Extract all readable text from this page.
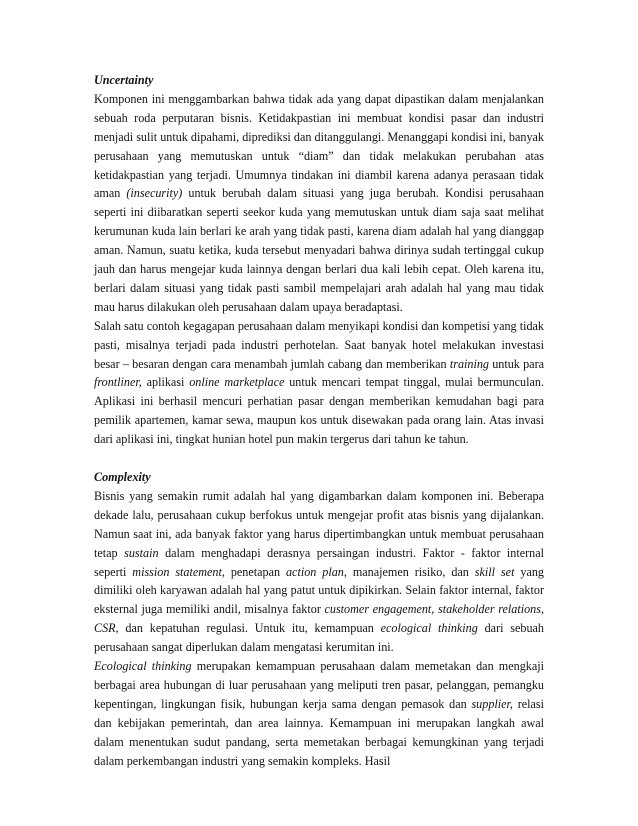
Uncertainty

Komponen ini menggambarkan bahwa tidak ada yang dapat dipastikan dalam menjalankan sebuah roda perputaran bisnis. Ketidakpastian ini membuat kondisi pasar dan industri menjadi sulit untuk dipahami, diprediksi dan ditanggulangi. Menanggapi kondisi ini, banyak perusahaan yang memutuskan untuk “diam” dan tidak melakukan perubahan atas ketidakpastian yang terjadi. Umumnya tindakan ini diambil karena adanya perasaan tidak aman (insecurity) untuk berubah dalam situasi yang juga berubah. Kondisi perusahaan seperti ini diibaratkan seperti seekor kuda yang memutuskan untuk diam saja saat melihat kerumunan kuda lain berlari ke arah yang tidak pasti, karena diam adalah hal yang dianggap aman. Namun, suatu ketika, kuda tersebut menyadari bahwa dirinya sudah tertinggal cukup jauh dan harus mengejar kuda lainnya dengan berlari dua kali lebih cepat. Oleh karena itu, berlari dalam situasi yang tidak pasti sambil mempelajari arah adalah hal yang mau tidak mau harus dilakukan oleh perusahaan dalam upaya beradaptasi.

Salah satu contoh kegagapan perusahaan dalam menyikapi kondisi dan kompetisi yang tidak pasti, misalnya terjadi pada industri perhotelan. Saat banyak hotel melakukan investasi besar – besaran dengan cara menambah jumlah cabang dan memberikan training untuk para frontliner, aplikasi online marketplace untuk mencari tempat tinggal, mulai bermunculan. Aplikasi ini berhasil mencuri perhatian pasar dengan memberikan kemudahan bagi para pemilik apartemen, kamar sewa, maupun kos untuk disewakan pada orang lain. Atas invasi dari aplikasi ini, tingkat hunian hotel pun makin tergerus dari tahun ke tahun.

Complexity

Bisnis yang semakin rumit adalah hal yang digambarkan dalam komponen ini. Beberapa dekade lalu, perusahaan cukup berfokus untuk mengejar profit atas bisnis yang dijalankan. Namun saat ini, ada banyak faktor yang harus dipertimbangkan untuk membuat perusahaan tetap sustain dalam menghadapi derasnya persaingan industri. Faktor - faktor internal seperti mission statement, penetapan action plan, manajemen risiko, dan skill set yang dimiliki oleh karyawan adalah hal yang patut untuk dipikirkan. Selain faktor internal, faktor eksternal juga memiliki andil, misalnya faktor customer engagement, stakeholder relations, CSR, dan kepatuhan regulasi. Untuk itu, kemampuan ecological thinking dari sebuah perusahaan sangat diperlukan dalam mengatasi kerumitan ini.

Ecological thinking merupakan kemampuan perusahaan dalam memetakan dan mengkaji berbagai area hubungan di luar perusahaan yang meliputi tren pasar, pelanggan, pemangku kepentingan, lingkungan fisik, hubungan kerja sama dengan pemasok dan supplier, relasi dan kebijakan pemerintah, dan area lainnya. Kemampuan ini merupakan langkah awal dalam menentukan sudut pandang, serta memetakan berbagai kemungkinan yang terjadi dalam perkembangan industri yang semakin kompleks. Hasil
